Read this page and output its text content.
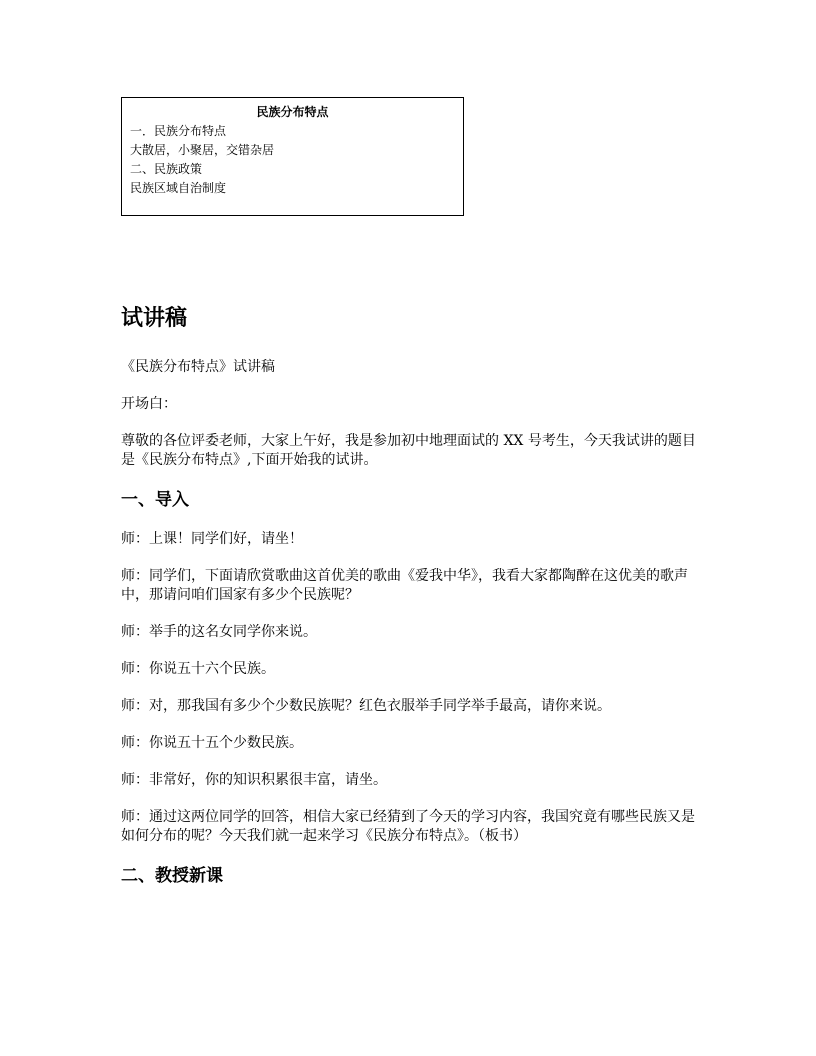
民族分布特点
一．民族分布特点
大散居，小聚居，交错杂居
二、民族政策
民族区域自治制度
试讲稿

《民族分布特点》试讲稿

开场白：

尊敬的各位评委老师，大家上午好，我是参加初中地理面试的 XX 号考生，今天我试讲的题目是《民族分布特点》,下面开始我的试讲。

一、导入

师：上课！同学们好，请坐！

师：同学们，下面请欣赏歌曲这首优美的歌曲《爱我中华》，我看大家都陶醉在这优美的歌声中，那请问咱们国家有多少个民族呢？

师：举手的这名女同学你来说。

师：你说五十六个民族。

师：对，那我国有多少个少数民族呢？红色衣服举手同学举手最高，请你来说。

师：你说五十五个少数民族。

师：非常好，你的知识积累很丰富，请坐。

师：通过这两位同学的回答，相信大家已经猜到了今天的学习内容，我国究竟有哪些民族又是如何分布的呢？今天我们就一起来学习《民族分布特点》。（板书）

二、教授新课
